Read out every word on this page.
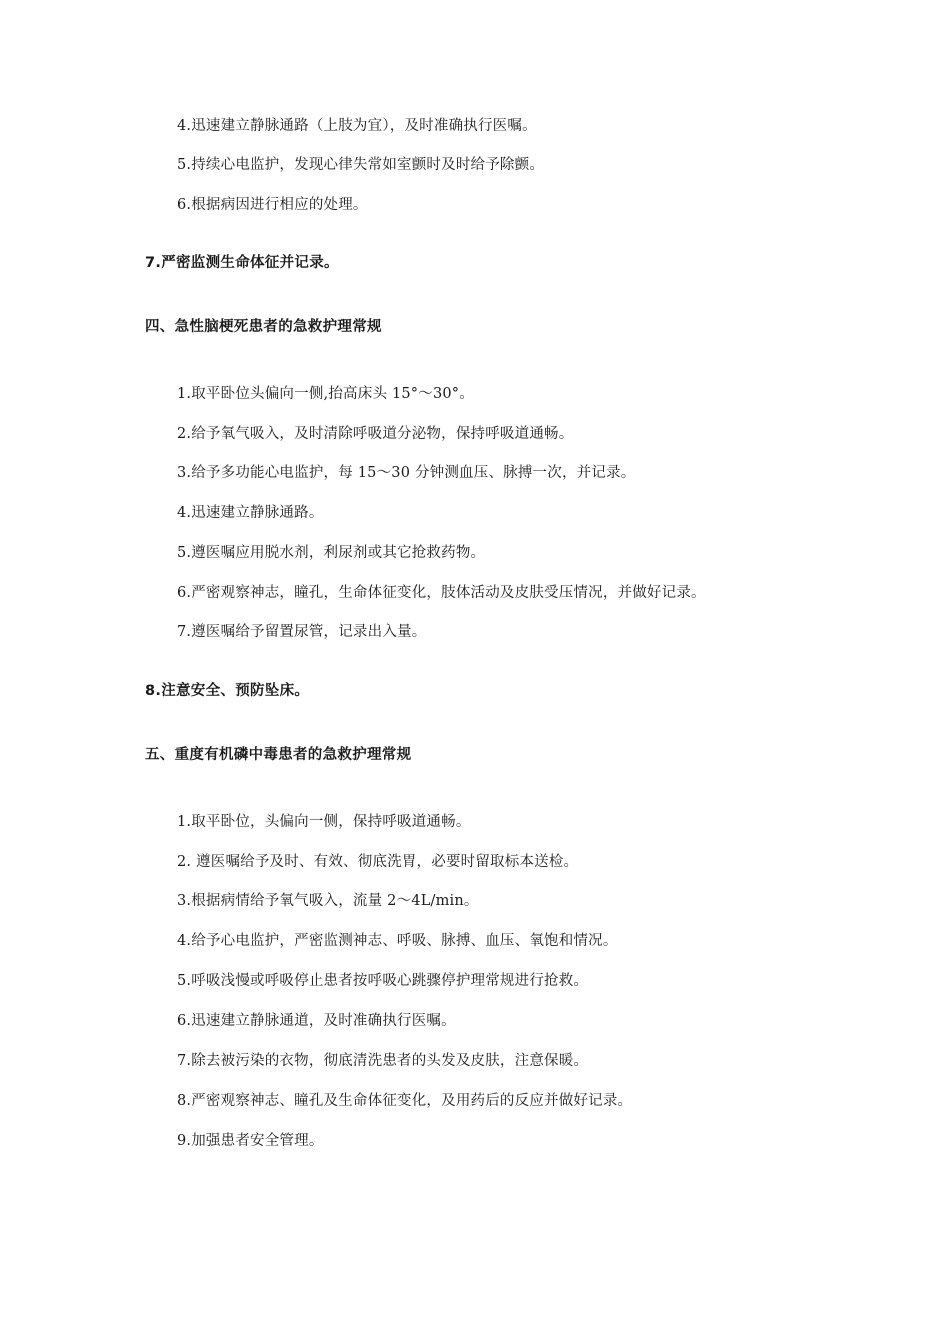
4.迅速建立静脉通路（上肢为宜），及时准确执行医嘱。
5.持续心电监护，发现心律失常如室颤时及时给予除颤。
6.根据病因进行相应的处理。
7.严密监测生命体征并记录。
四、急性脑梗死患者的急救护理常规
1.取平卧位头偏向一侧,抬高床头 15°～30°。
2.给予氧气吸入，及时清除呼吸道分泌物，保持呼吸道通畅。
3.给予多功能心电监护，每 15～30 分钟测血压、脉搏一次，并记录。
4.迅速建立静脉通路。
5.遵医嘱应用脱水剂，利尿剂或其它抢救药物。
6.严密观察神志，瞳孔，生命体征变化，肢体活动及皮肤受压情况，并做好记录。
7.遵医嘱给予留置尿管，记录出入量。
8.注意安全、预防坠床。
五、重度有机磷中毒患者的急救护理常规
1.取平卧位，头偏向一侧，保持呼吸道通畅。
2. 遵医嘱给予及时、有效、彻底洗胃，必要时留取标本送检。
3.根据病情给予氧气吸入，流量 2～4L/min。
4.给予心电监护，严密监测神志、呼吸、脉搏、血压、氧饱和情况。
5.呼吸浅慢或呼吸停止患者按呼吸心跳骤停护理常规进行抢救。
6.迅速建立静脉通道，及时准确执行医嘱。
7.除去被污染的衣物，彻底清洗患者的头发及皮肤，注意保暖。
8.严密观察神志、瞳孔及生命体征变化，及用药后的反应并做好记录。
9.加强患者安全管理。
